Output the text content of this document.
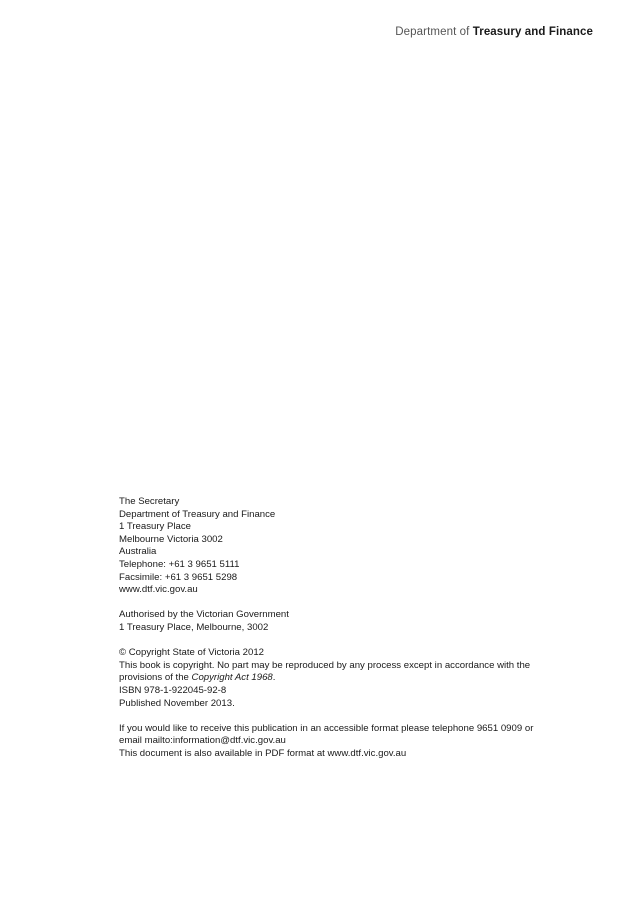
Department of Treasury and Finance
The Secretary
Department of Treasury and Finance
1 Treasury Place
Melbourne Victoria 3002
Australia
Telephone: +61 3 9651 5111
Facsimile: +61 3 9651 5298
www.dtf.vic.gov.au
Authorised by the Victorian Government
1 Treasury Place, Melbourne, 3002
© Copyright State of Victoria 2012
This book is copyright. No part may be reproduced by any process except in accordance with the
provisions of the Copyright Act 1968.
ISBN 978-1-922045-92-8
Published November 2013.
If you would like to receive this publication in an accessible format please telephone 9651 0909 or
email mailto:information@dtf.vic.gov.au
This document is also available in PDF format at www.dtf.vic.gov.au
